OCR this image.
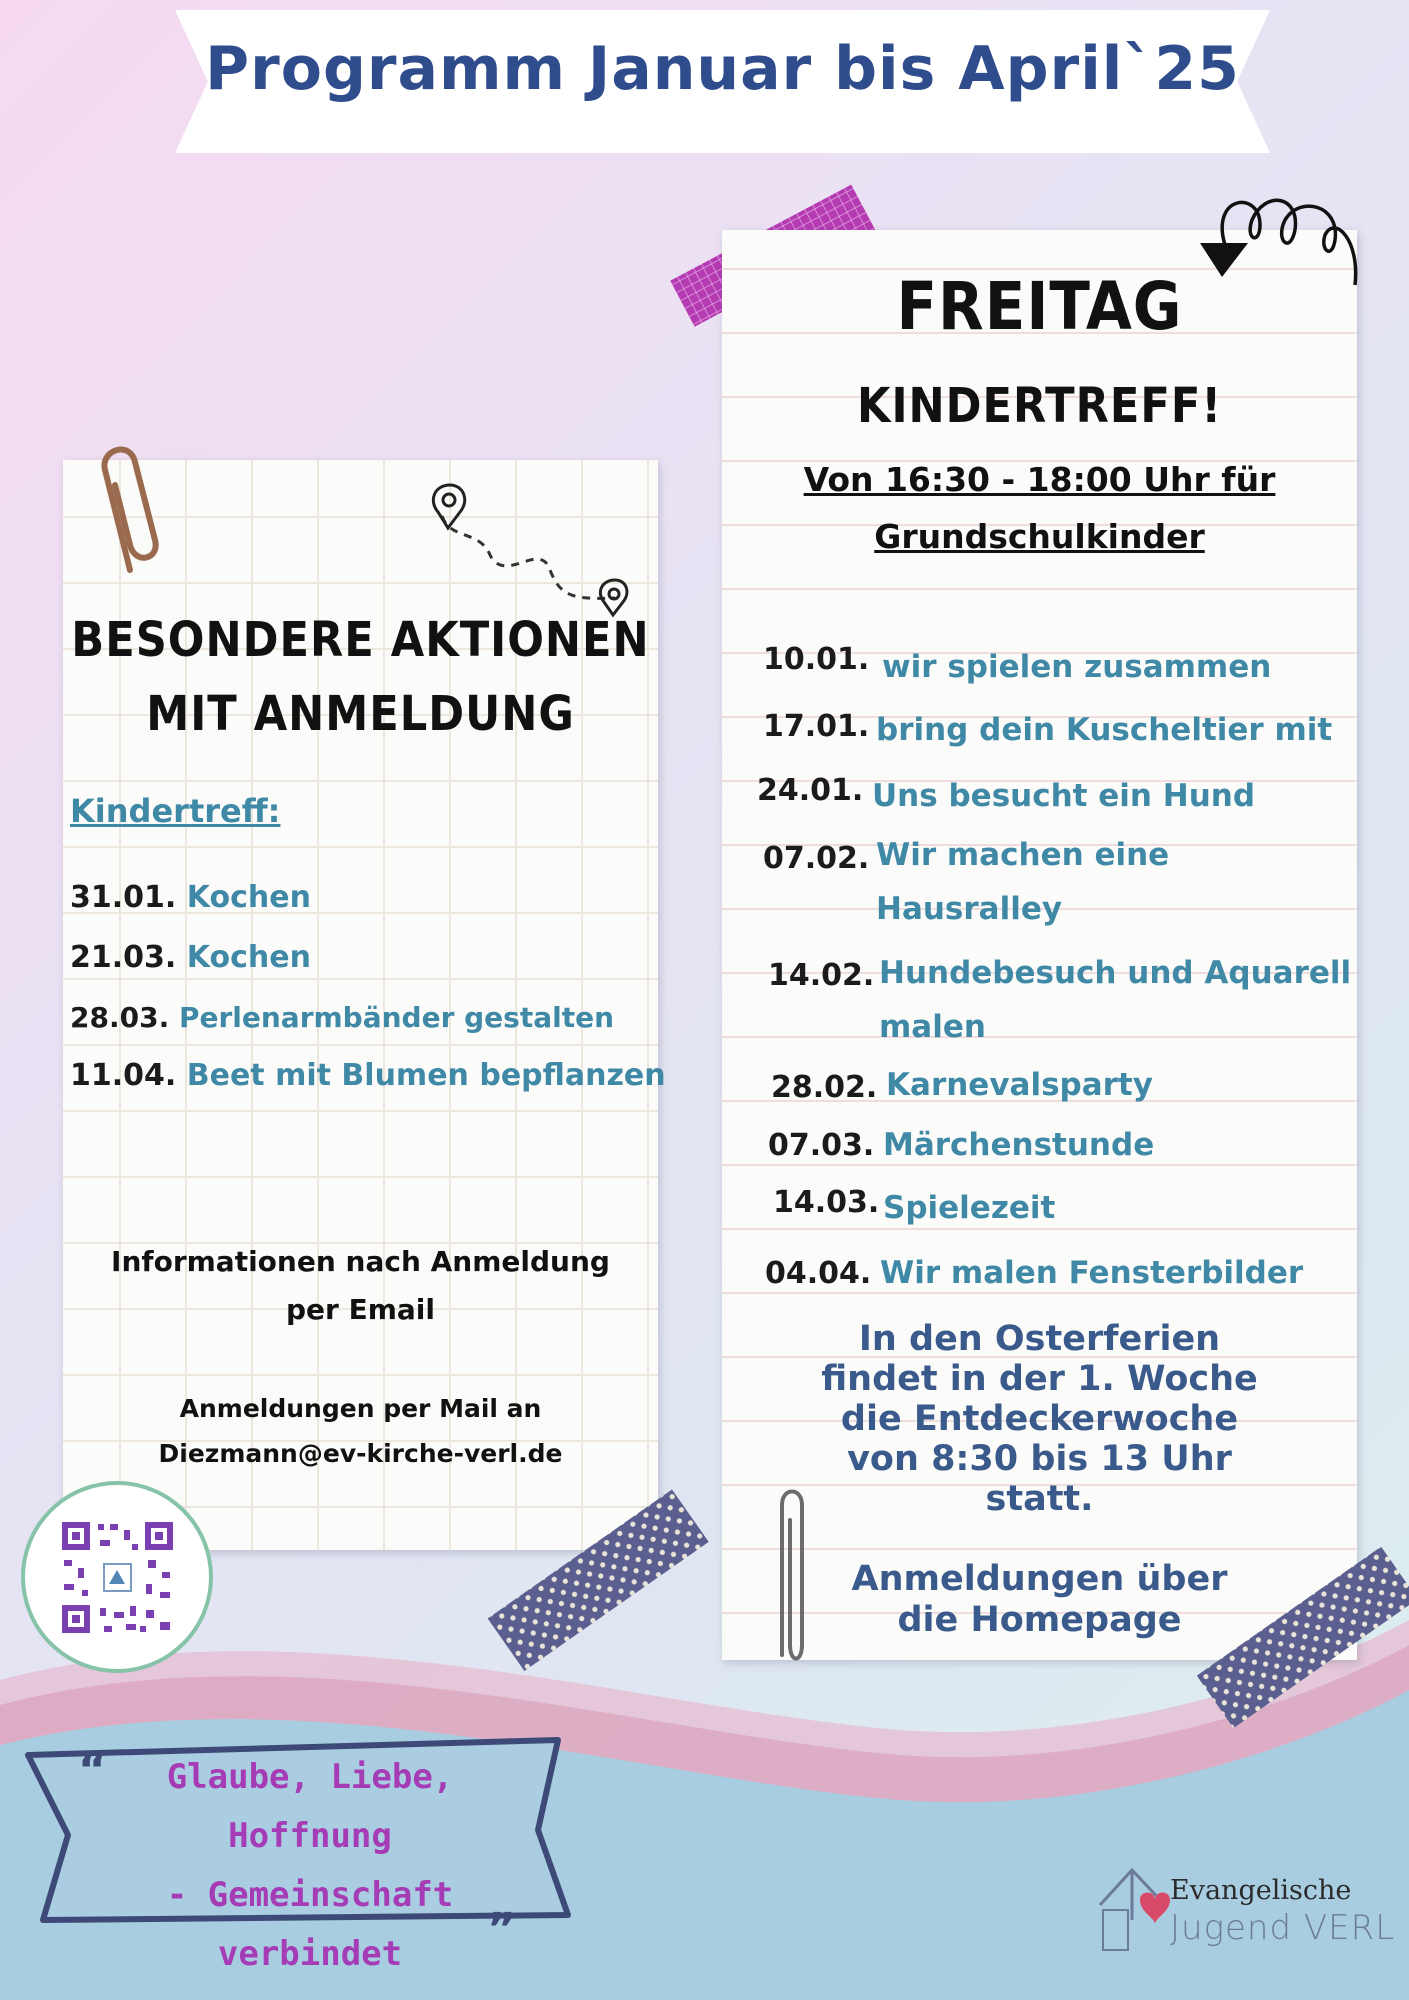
Programm Januar bis April`25
BESONDERE AKTIONEN
MIT ANMELDUNG
Kindertreff:
31.01. Kochen
21.03. Kochen
28.03. Perlenarmbänder gestalten
11.04. Beet mit Blumen bepflanzen
Informationen nach Anmeldung
per Email
Anmeldungen per Mail an
Diezmann@ev-kirche-verl.de
FREITAG
KINDERTREFF!
Von 16:30 - 18:00 Uhr für
Grundschulkinder
10.01. wir spielen zusammen
17.01. bring dein Kuscheltier mit
24.01. Uns besucht ein Hund
07.02. Wir machen eine
Hausralley
14.02. Hundebesuch und Aquarell
malen
28.02. Karnevalsparty
07.03. Märchenstunde
14.03. Spielezeit
04.04. Wir malen Fensterbilder
In den Osterferien
findet in der 1. Woche
die Entdeckerwoche
von 8:30 bis 13 Uhr
statt.
Anmeldungen über
die Homepage
“	Glaube, Liebe, Hoffnung
- Gemeinschaft
verbindet
„	Evangelische
Jugend VERL
